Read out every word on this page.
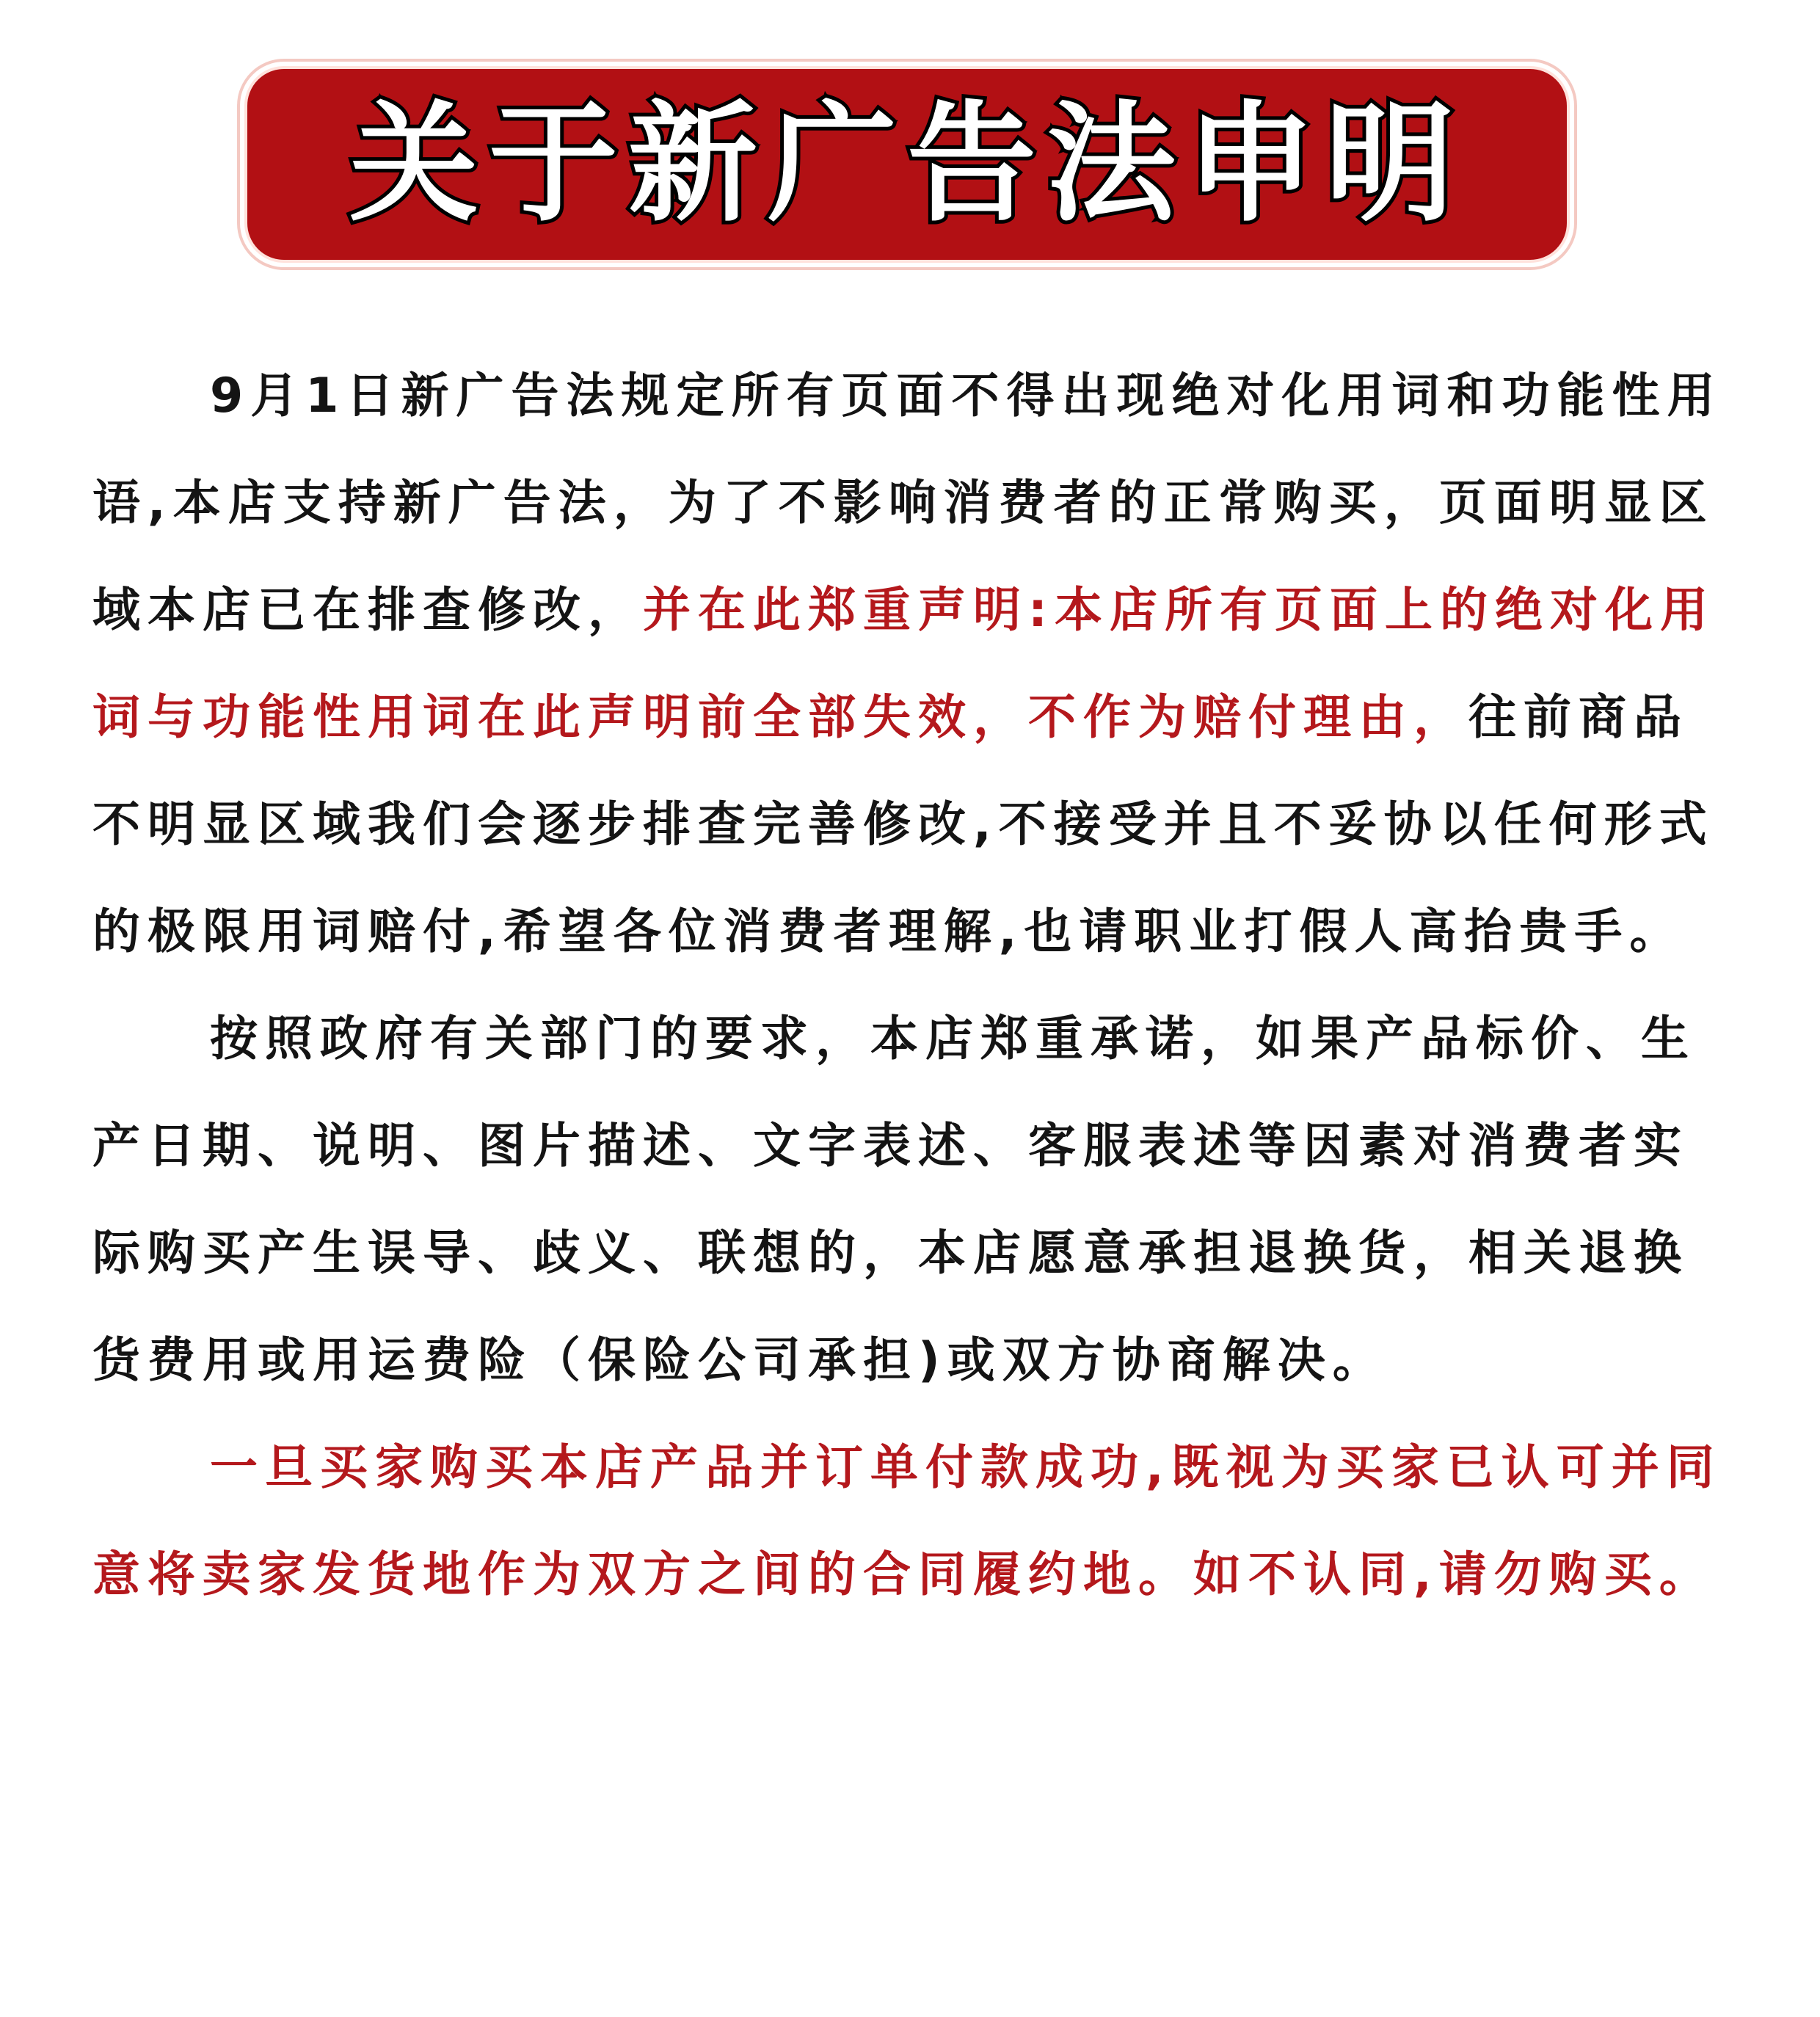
关于新广告法申明

9月1日新广告法规定所有页面不得出现绝对化用词和功能性用语,本店支持新广告法，为了不影响消费者的正常购买，页面明显区域本店已在排查修改，并在此郑重声明:本店所有页面上的绝对化用词与功能性用词在此声明前全部失效，不作为赔付理由，往前商品不明显区域我们会逐步排查完善修改,不接受并且不妥协以任何形式的极限用词赔付,希望各位消费者理解,也请职业打假人高抬贵手。

按照政府有关部门的要求，本店郑重承诺，如果产品标价、生产日期、说明、图片描述、文字表述、客服表述等因素对消费者实际购买产生误导、歧义、联想的，本店愿意承担退换货，相关退换货费用或用运费险（保险公司承担)或双方协商解决。

一旦买家购买本店产品并订单付款成功,既视为买家已认可并同意将卖家发货地作为双方之间的合同履约地。如不认同,请勿购买。
